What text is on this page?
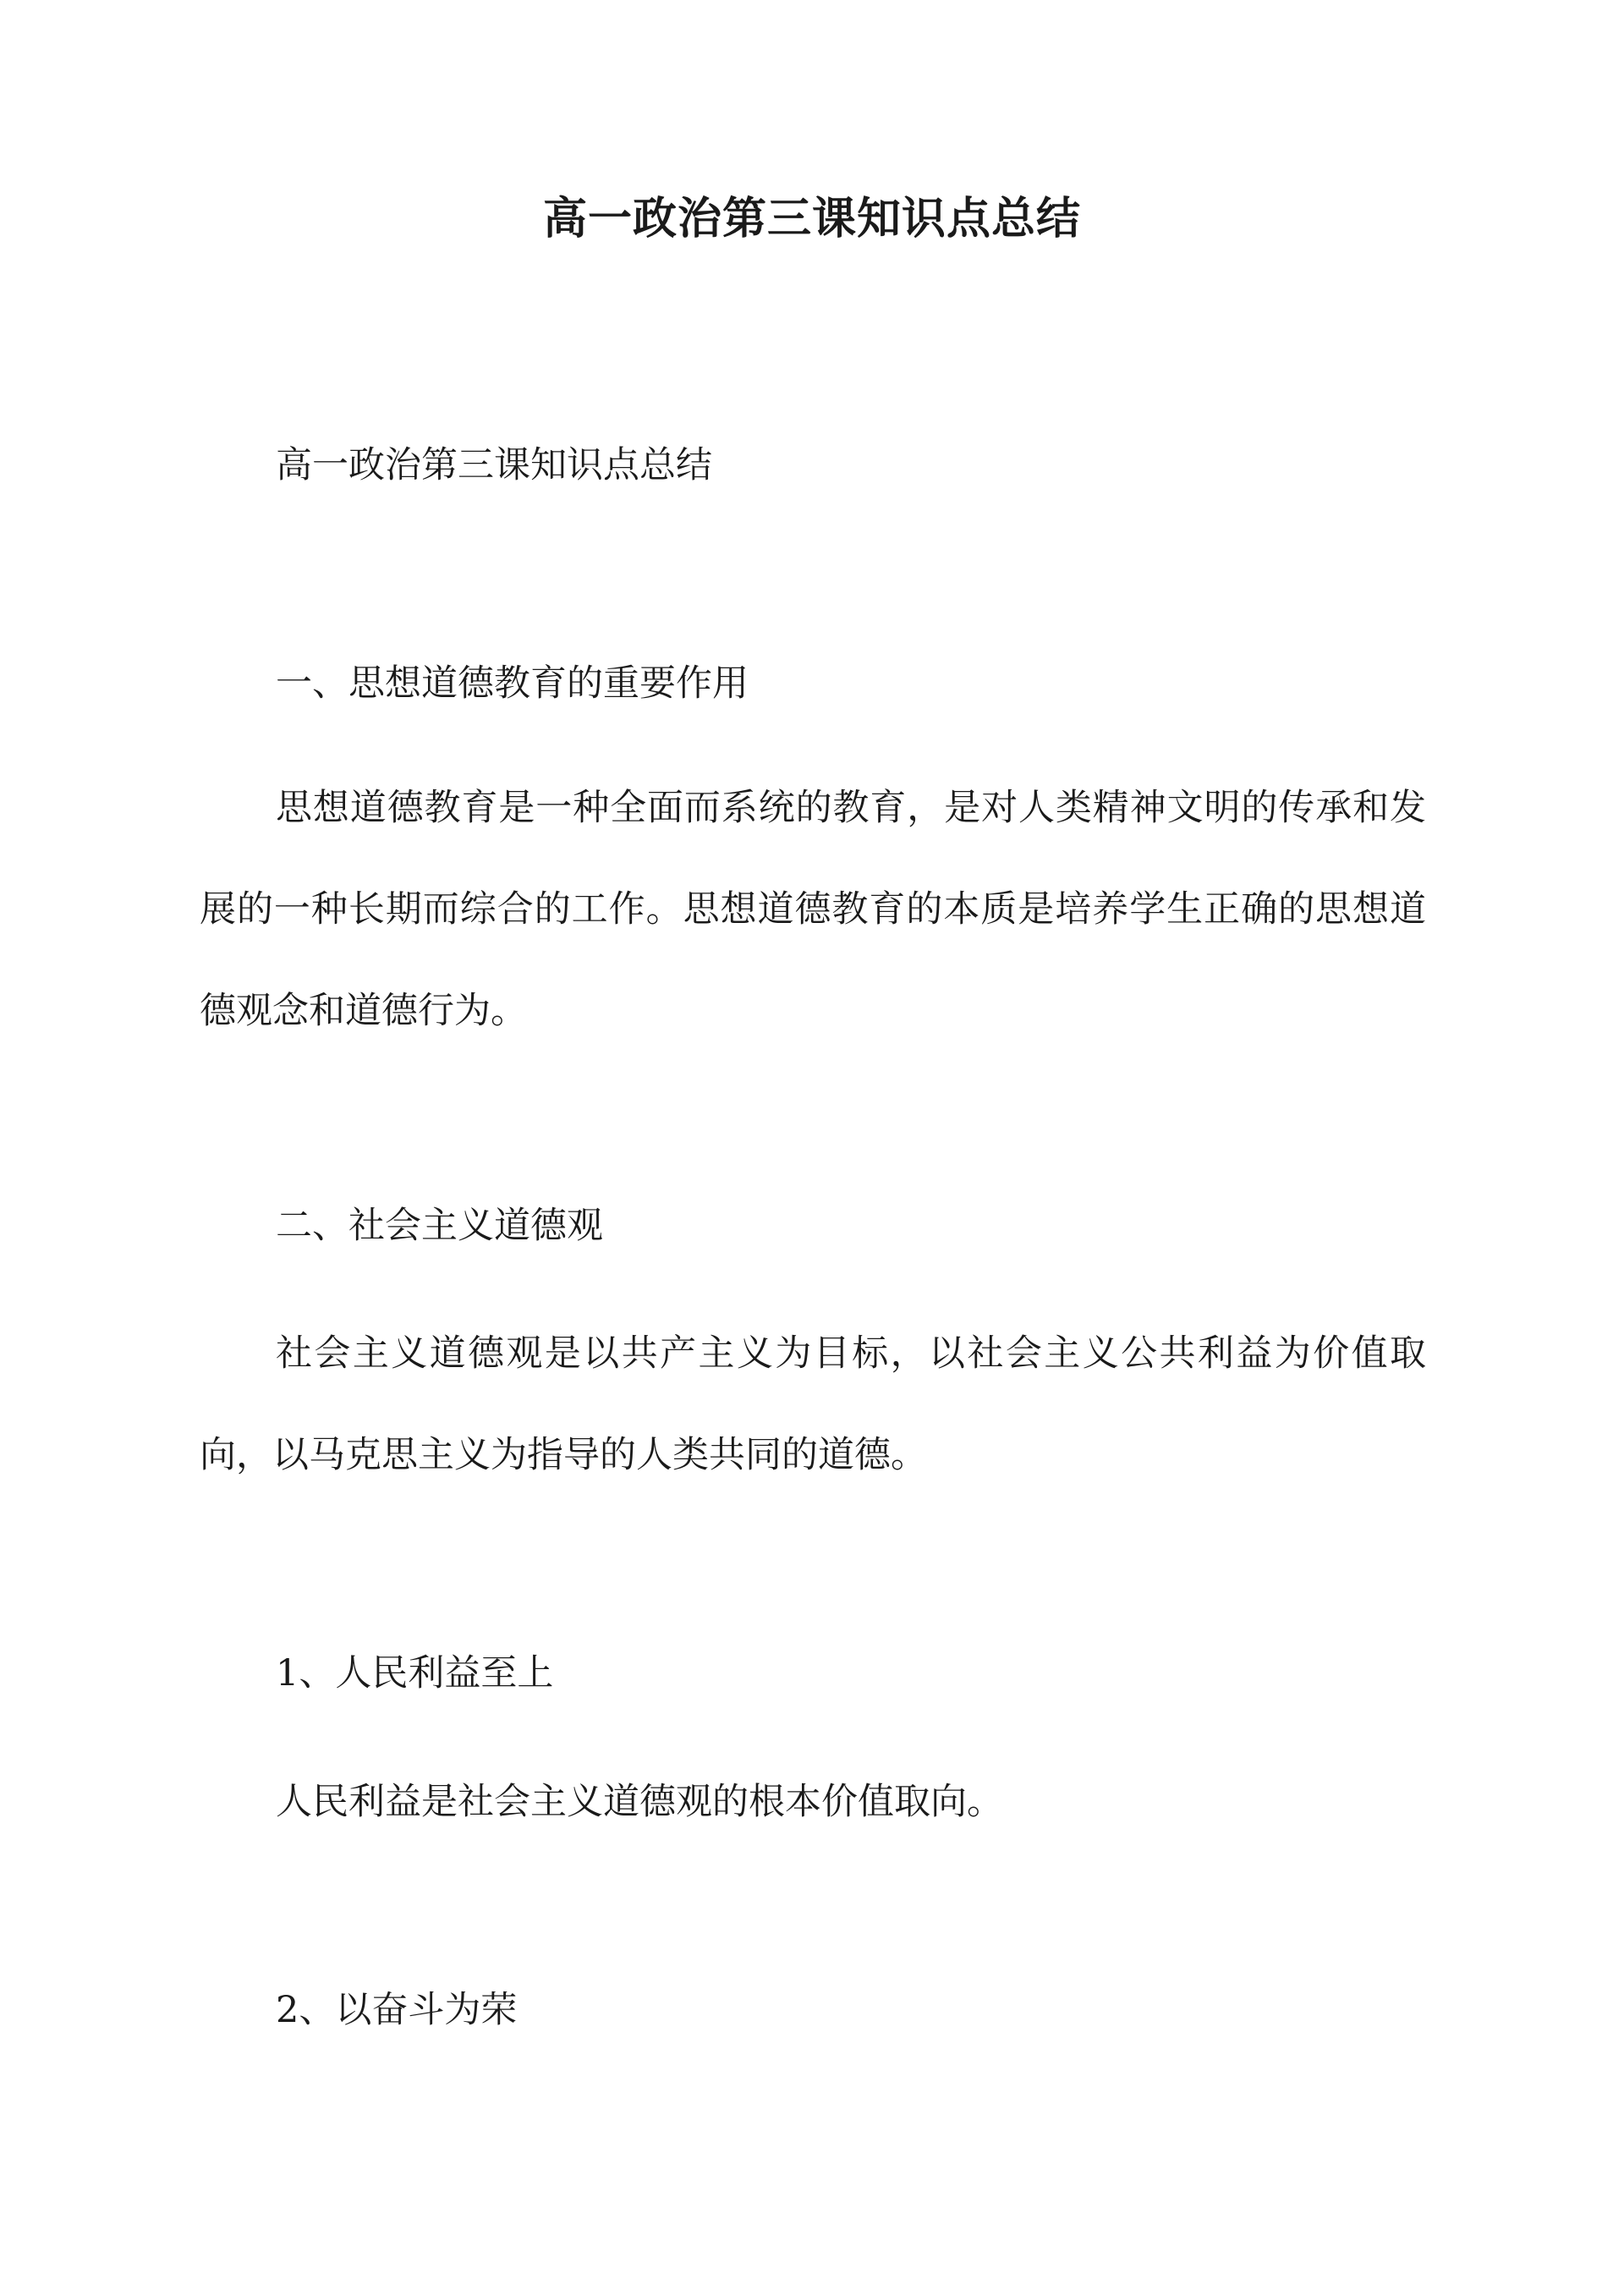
高一政治第三课知识点总结
高一政治第三课知识点总结
一、思想道德教育的重要作用
思想道德教育是一种全面而系统的教育，是对人类精神文明的传承和发展的一种长期而综合的工作。思想道德教育的本质是培养学生正确的思想道德观念和道德行为。
二、社会主义道德观
社会主义道德观是以共产主义为目标，以社会主义公共利益为价值取向，以马克思主义为指导的人类共同的道德。
1、人民利益至上
人民利益是社会主义道德观的根本价值取向。
2、以奋斗为荣
